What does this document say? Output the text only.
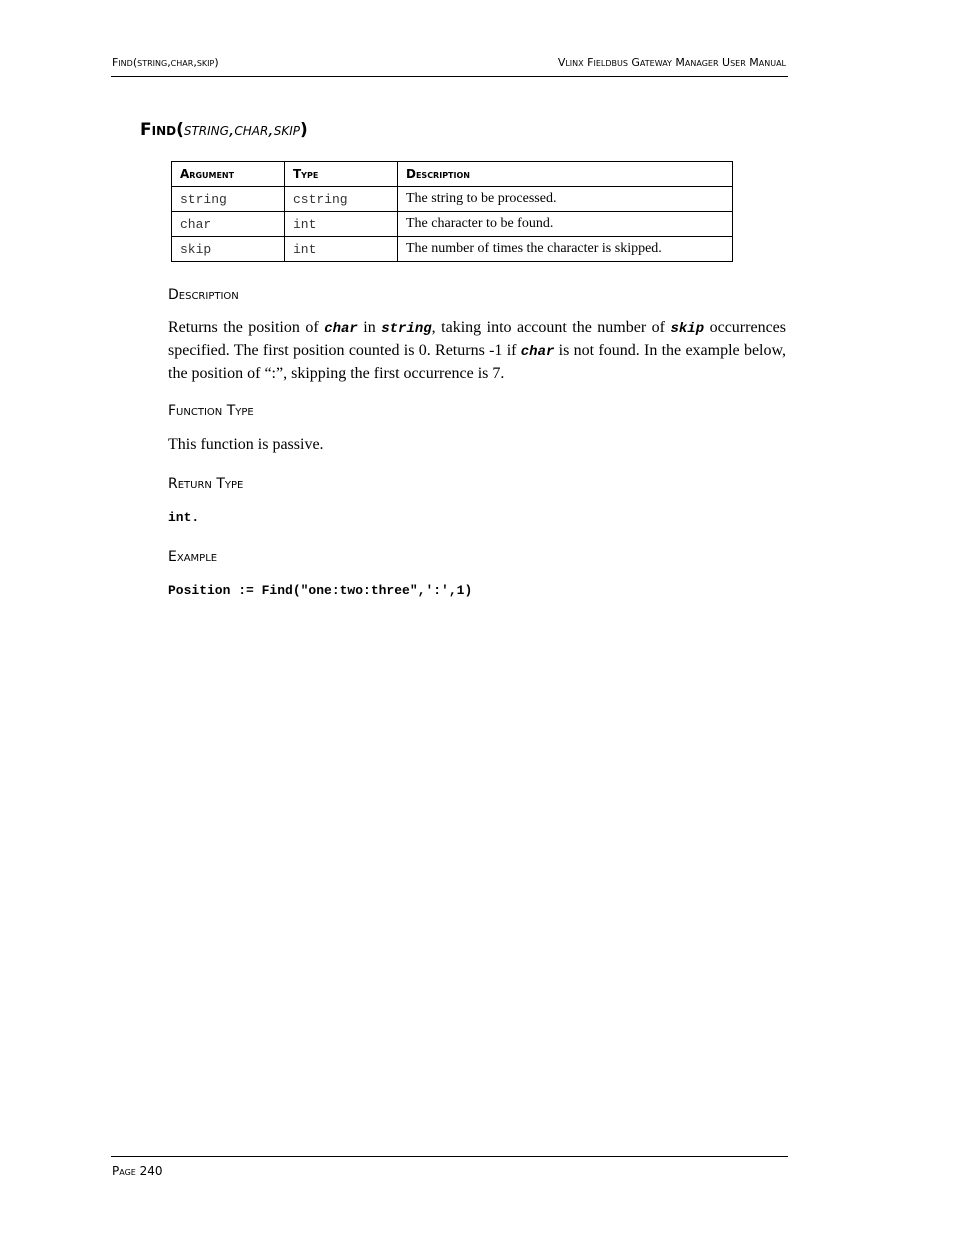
Find(string,char,skip)	Vlinx Fieldbus Gateway Manager User Manual
Find(string,char,skip)
Argument	Type	Description
string	cstring	The string to be processed.
char	int	The character to be found.
skip	int	The number of times the character is skipped.
Description
Returns the position of char in string, taking into account the number of skip occurrences specified. The first position counted is 0. Returns -1 if char is not found. In the example below, the position of “:”, skipping the first occurrence is 7.
Function Type
This function is passive.
Return Type
int.
Example
Position := Find("one:two:three",':',1)
Page 240
